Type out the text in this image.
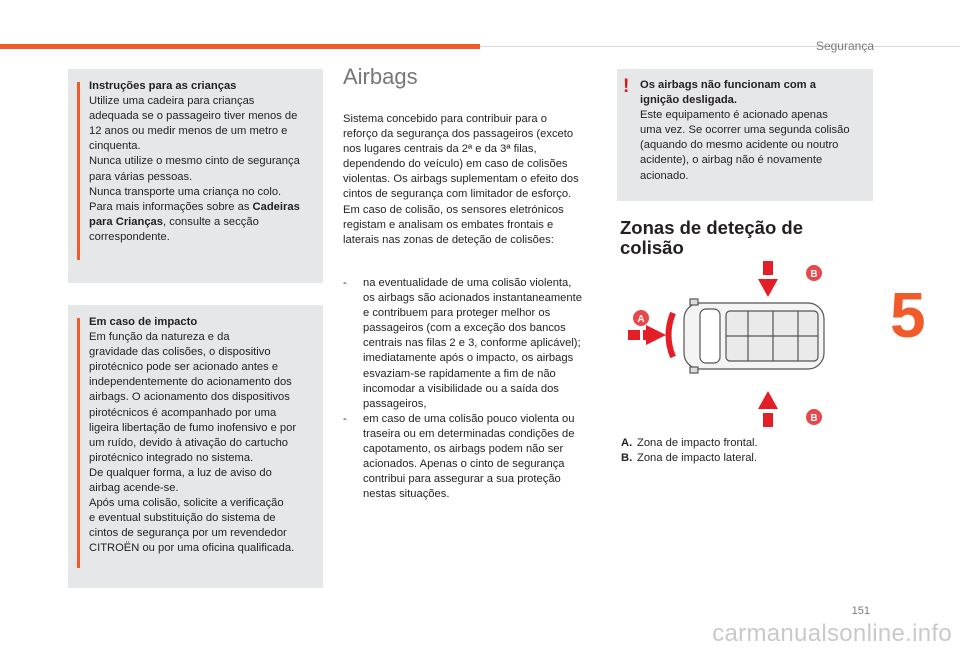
Segurança
5
151
carmanualsonline.info

Instruções para as crianças

Utilize uma cadeira para crianças

adequada se o passageiro tiver menos de

12 anos ou medir menos de um metro e

cinquenta.

Nunca utilize o mesmo cinto de segurança

para várias pessoas.

Nunca transporte uma criança no colo.

Para mais informações sobre as Cadeiras

para Crianças, consulte a secção

correspondente.

Em caso de impacto

Em função da natureza e da

gravidade das colisões, o dispositivo

pirotécnico pode ser acionado antes e

independentemente do acionamento dos

airbags. O acionamento dos dispositivos

pirotécnicos é acompanhado por uma

ligeira libertação de fumo inofensivo e por

um ruído, devido à ativação do cartucho

pirotécnico integrado no sistema.

De qualquer forma, a luz de aviso do

airbag acende-se.

Após uma colisão, solicite a verificação

e eventual substituição do sistema de

cintos de segurança por um revendedor

CITROËN ou por uma oficina qualificada.

Airbags

Sistema concebido para contribuir para o

reforço da segurança dos passageiros (exceto

nos lugares centrais da 2ª e da 3ª filas,

dependendo do veículo) em caso de colisões

violentas. Os airbags suplementam o efeito dos

cintos de segurança com limitador de esforço.

Em caso de colisão, os sensores eletrónicos

registam e analisam os embates frontais e

laterais nas zonas de deteção de colisões:

- na eventualidade de uma colisão violenta,

os airbags são acionados instantaneamente

e contribuem para proteger melhor os

passageiros (com a exceção dos bancos

centrais nas filas 2 e 3, conforme aplicável);

imediatamente após o impacto, os airbags

esvaziam-se rapidamente a fim de não

incomodar a visibilidade ou a saída dos

passageiros,

- em caso de uma colisão pouco violenta ou

traseira ou em determinadas condições de

capotamento, os airbags podem não ser

acionados. Apenas o cinto de segurança

contribui para assegurar a sua proteção

nestas situações.

! Os airbags não funcionam com a

ignição desligada.

Este equipamento é acionado apenas

uma vez. Se ocorrer uma segunda colisão

(aquando do mesmo acidente ou noutro

acidente), o airbag não é novamente

acionado.

Zonas de deteção de
colisão
A
B
B
A. Zona de impacto frontal.
B. Zona de impacto lateral.
